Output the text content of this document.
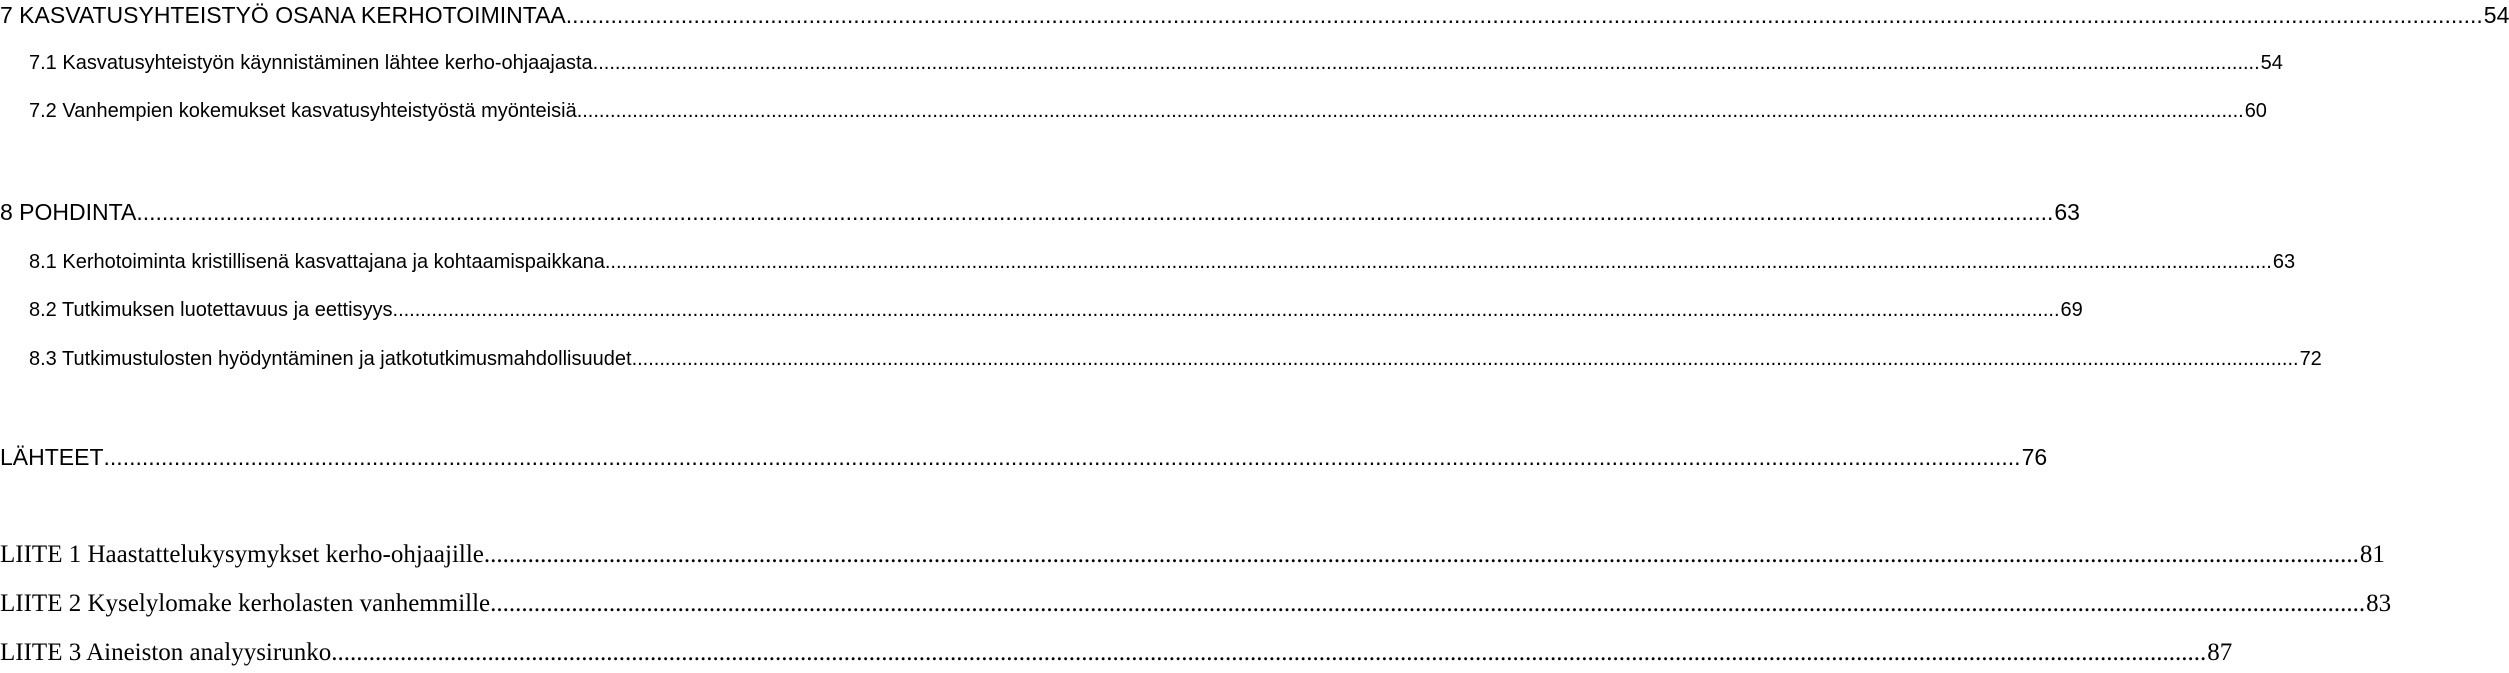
7 KASVATUSYHTEISTYÖ OSANA KERHOTOIMINTAA ............................................................................................................................................................................................................................................................................................................ 54
7.1 Kasvatusyhteistyön käynnistäminen lähtee kerho-ohjaajasta ............................................................................................................................................................................................................................................................................................................ 54
7.2 Vanhempien kokemukset kasvatusyhteistyöstä myönteisiä ............................................................................................................................................................................................................................................................................................................ 60
8 POHDINTA ............................................................................................................................................................................................................................................................................................................ 63
8.1 Kerhotoiminta kristillisenä kasvattajana ja kohtaamispaikkana ............................................................................................................................................................................................................................................................................................................ 63
8.2 Tutkimuksen luotettavuus ja eettisyys ............................................................................................................................................................................................................................................................................................................ 69
8.3 Tutkimustulosten hyödyntäminen ja jatkotutkimusmahdollisuudet ............................................................................................................................................................................................................................................................................................................ 72
LÄHTEET ............................................................................................................................................................................................................................................................................................................ 76
LIITE 1 Haastattelukysymykset kerho-ohjaajille ............................................................................................................................................................................................................................................................................................................ 81
LIITE 2 Kyselylomake kerholasten vanhemmille ............................................................................................................................................................................................................................................................................................................ 83
LIITE 3 Aineiston analyysirunko ............................................................................................................................................................................................................................................................................................................ 87
